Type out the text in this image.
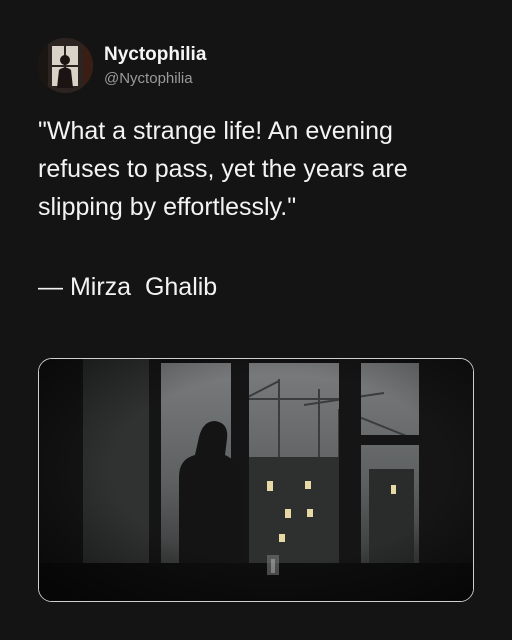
Nyctophilia
@Nyctophilia

"What a strange life! An evening refuses to pass, yet the years are slipping by effortlessly."

— Mirza  Ghalib
